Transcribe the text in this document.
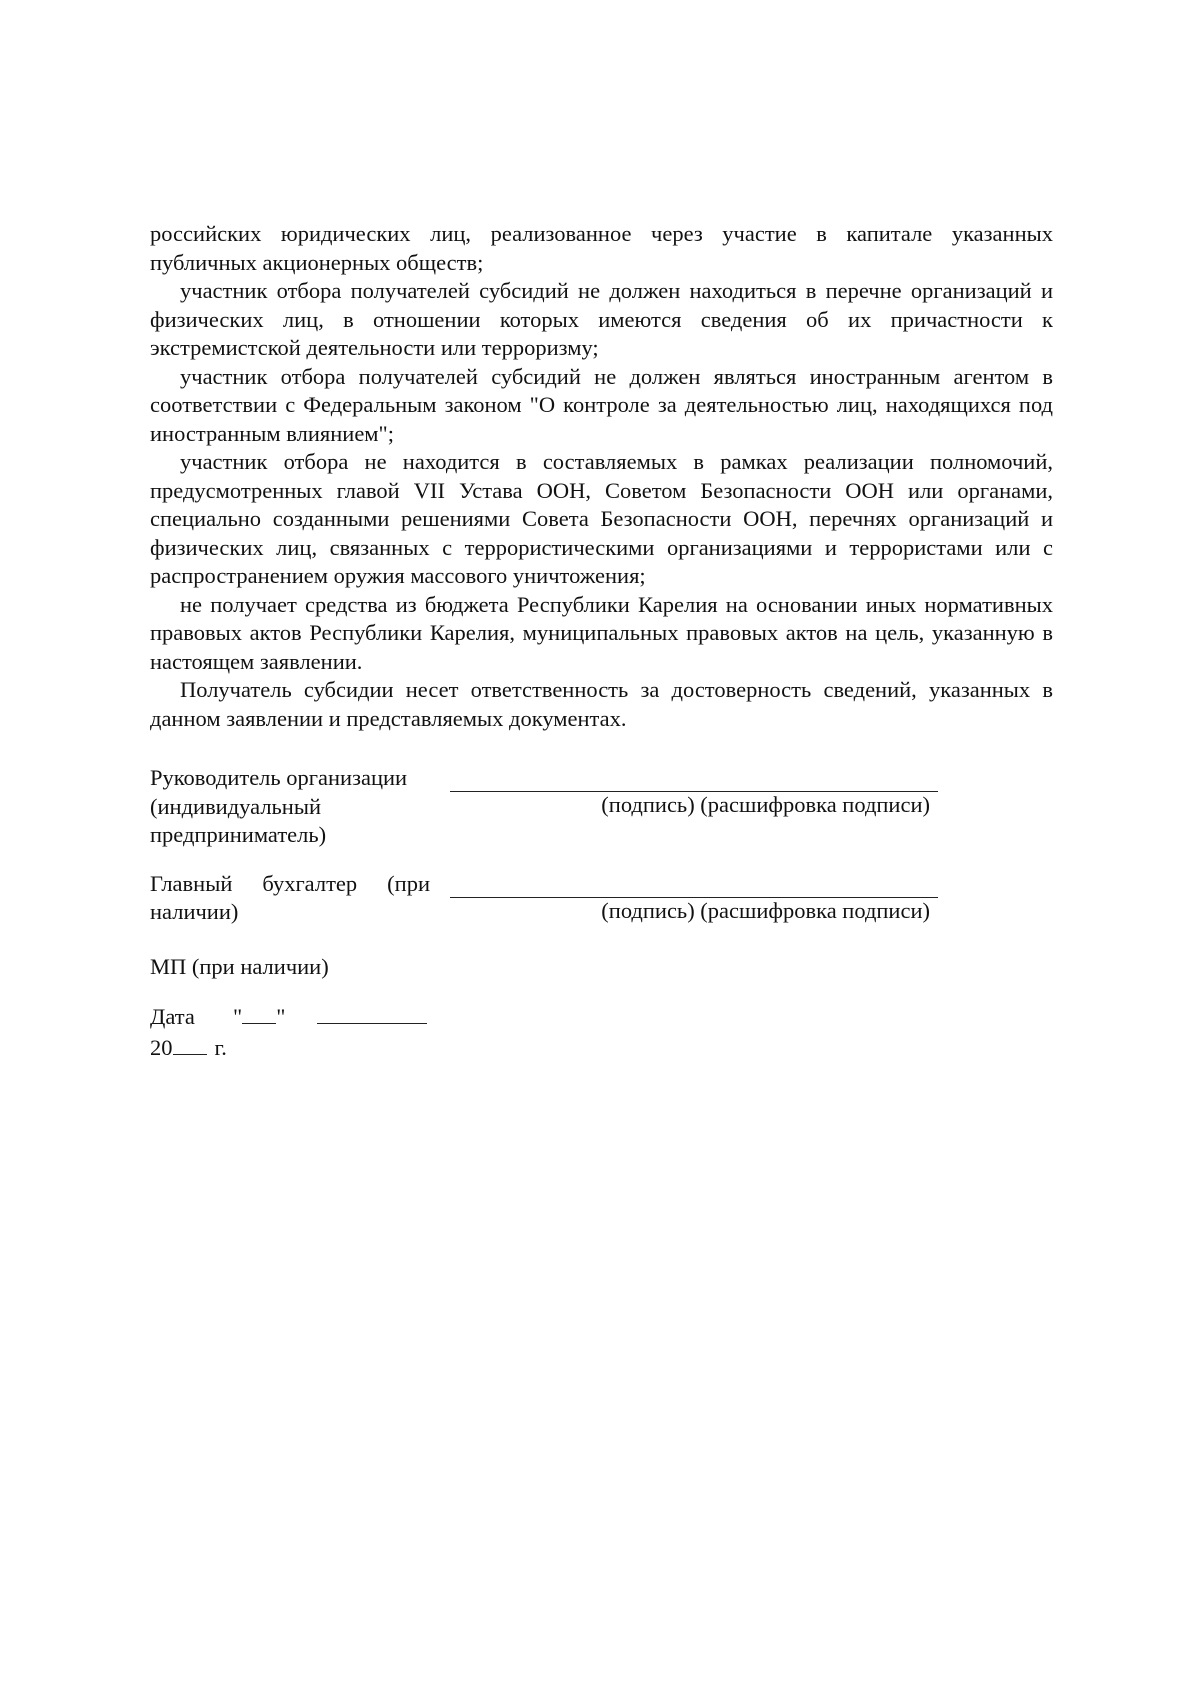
российских юридических лиц, реализованное через участие в капитале указанных публичных акционерных обществ;

участник отбора получателей субсидий не должен находиться в перечне организаций и физических лиц, в отношении которых имеются сведения об их причастности к экстремистской деятельности или терроризму;

участник отбора получателей субсидий не должен являться иностранным агентом в соответствии с Федеральным законом "О контроле за деятельностью лиц, находящихся под иностранным влиянием";

участник отбора не находится в составляемых в рамках реализации полномочий, предусмотренных главой VII Устава ООН, Советом Безопасности ООН или органами, специально созданными решениями Совета Безопасности ООН, перечнях организаций и физических лиц, связанных с террористическими организациями и террористами или с распространением оружия массового уничтожения;

не получает средства из бюджета Республики Карелия на основании иных нормативных правовых актов Республики Карелия, муниципальных правовых актов на цель, указанную в настоящем заявлении.

Получатель субсидии несет ответственность за достоверность сведений, указанных в данном заявлении и представляемых документах.

Руководитель организации
(индивидуальный
предприниматель)
(подпись) (расшифровка подписи)
Главный бухгалтер (при
наличии)	(подпись) (расшифровка подписи)
МП (при наличии)
Дата	" "
20 г.
